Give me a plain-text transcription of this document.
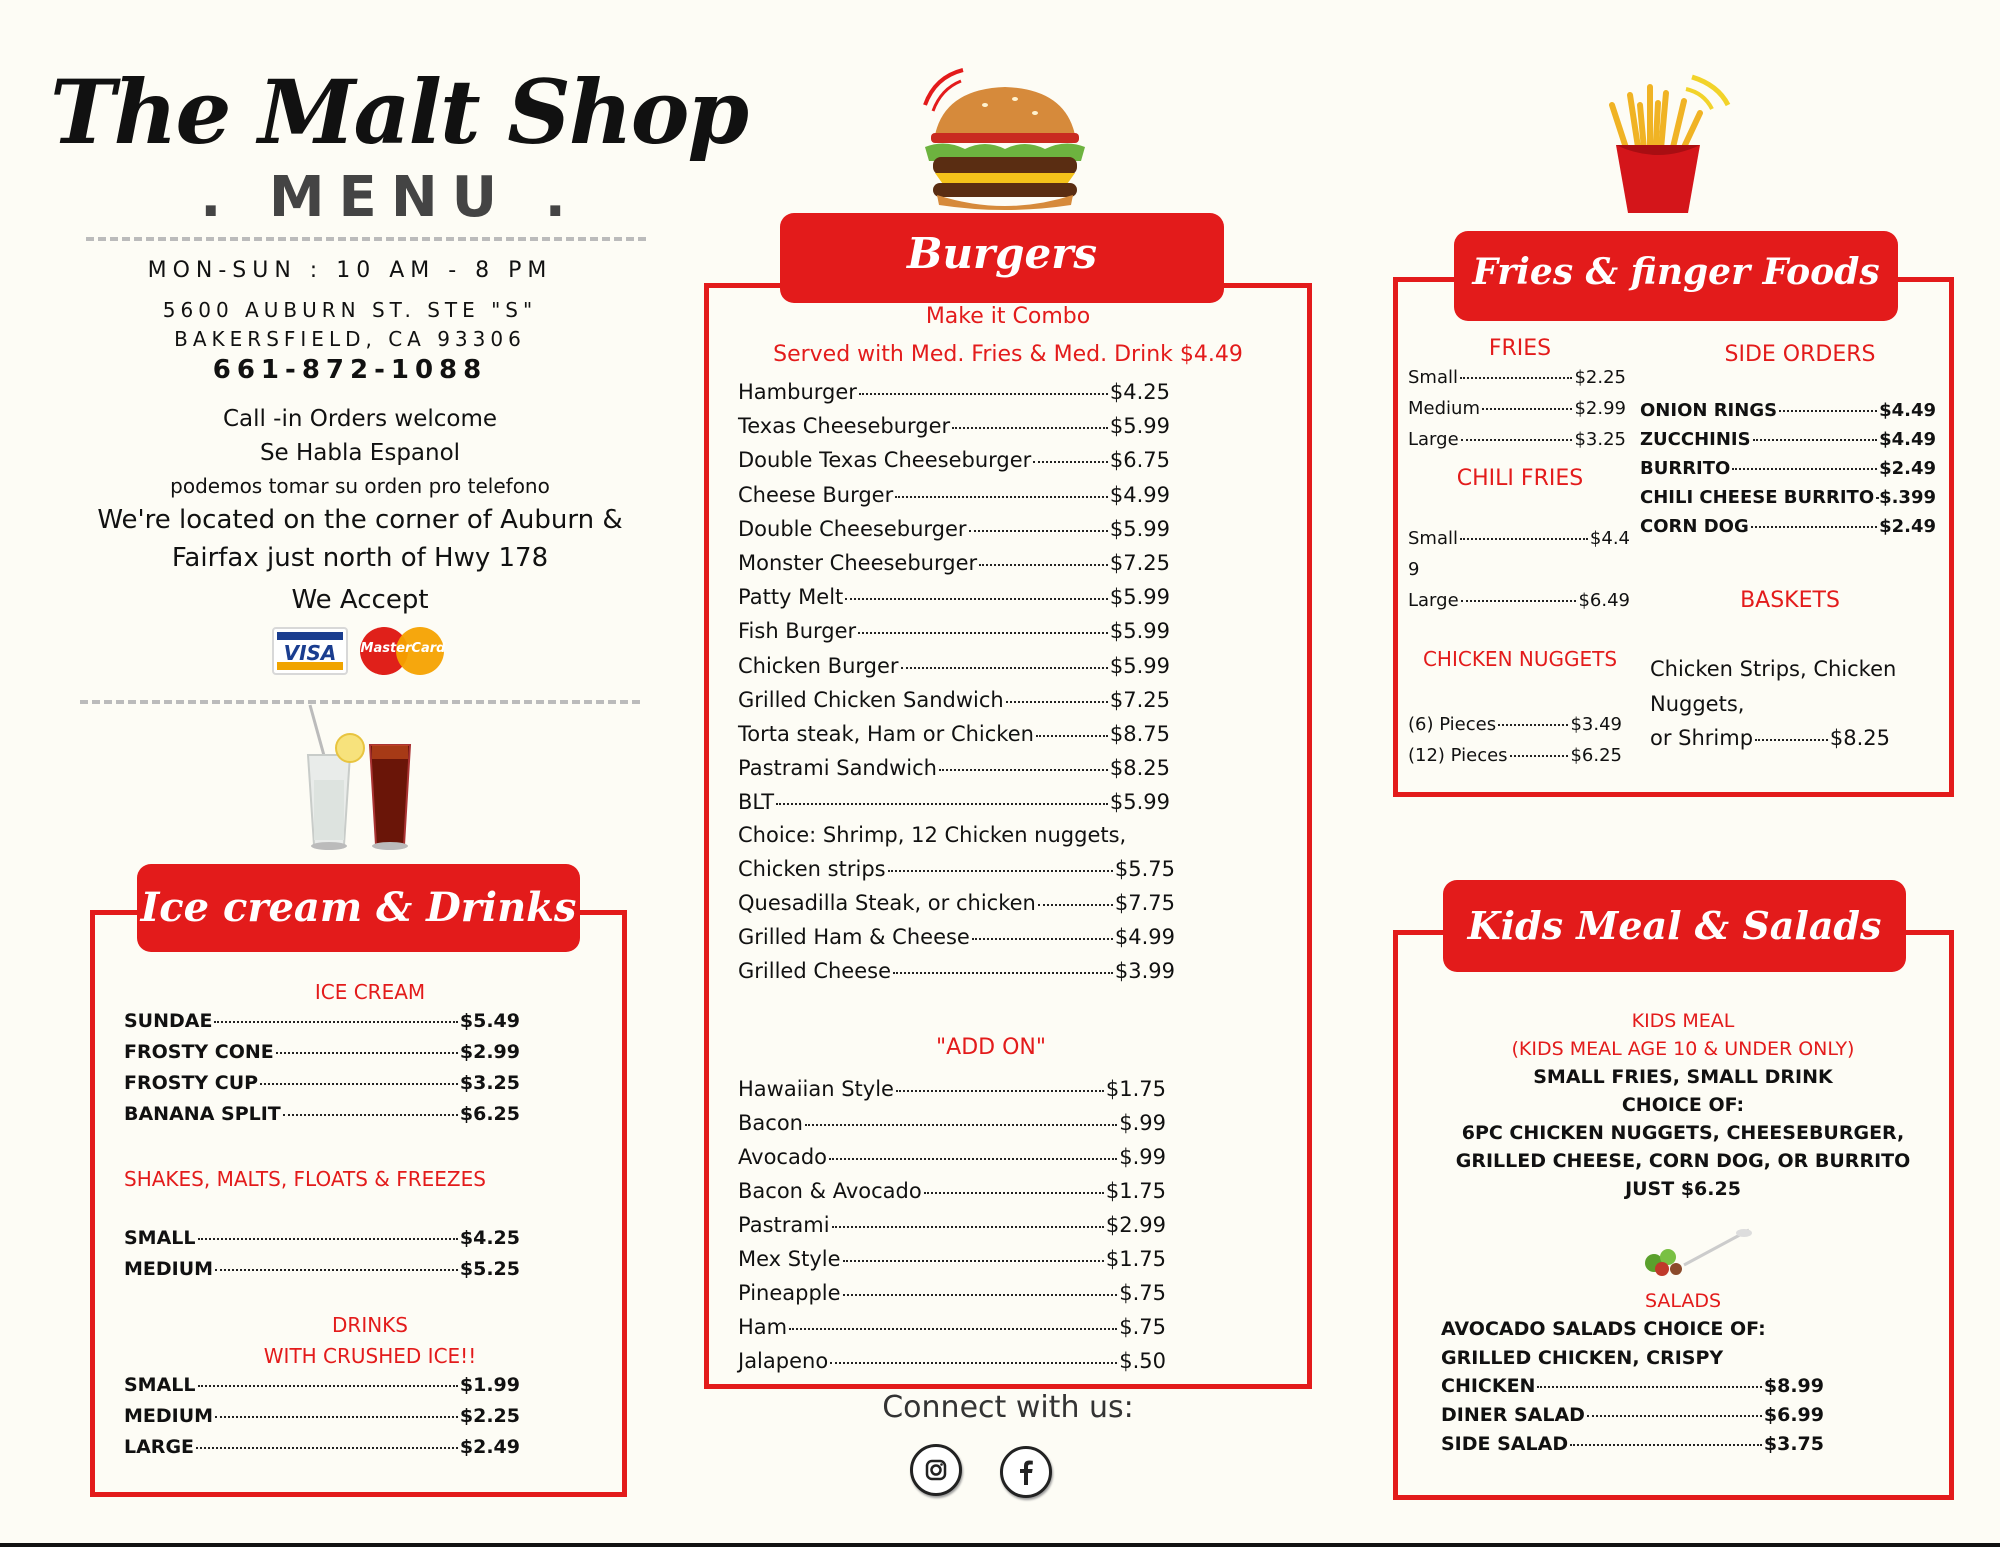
The Malt Shop
. MENU .
MON-SUN : 10 AM - 8 PM
5600 AUBURN ST. STE "S"
BAKERSFIELD, CA 93306
661-872-1088
Call -in Orders welcome
Se Habla Espanol
podemos tomar su orden pro telefono
We're located on the corner of Auburn &
Fairfax just north of Hwy 178
We Accept
VISA	MasterCard
Ice cream & Drinks
ICE CREAM
SUNDAE	$5.49
FROSTY CONE	$2.99
FROSTY CUP	$3.25
BANANA SPLIT	$6.25
SHAKES, MALTS, FLOATS & FREEZES
SMALL	$4.25
MEDIUM	$5.25
DRINKS
WITH CRUSHED ICE!!
SMALL	$1.99
MEDIUM	$2.25
LARGE	$2.49
Burgers
Make it Combo
Served with Med. Fries & Med. Drink $4.49
Hamburger	$4.25
Texas Cheeseburger	$5.99
Double Texas Cheeseburger	$6.75
Cheese Burger	$4.99
Double Cheeseburger	$5.99
Monster Cheeseburger	$7.25
Patty Melt	$5.99
Fish Burger	$5.99
Chicken Burger	$5.99
Grilled Chicken Sandwich	$7.25
Torta steak, Ham or Chicken	$8.75
Pastrami Sandwich	$8.25
BLT	$5.99
Choice: Shrimp, 12 Chicken nuggets,
Chicken strips	$5.75
Quesadilla Steak, or chicken	$7.75
Grilled Ham & Cheese	$4.99
Grilled Cheese	$3.99
"ADD ON"
Hawaiian Style	$1.75
Bacon	$.99
Avocado	$.99
Bacon & Avocado	$1.75
Pastrami	$2.99
Mex Style	$1.75
Pineapple	$.75
Ham	$.75
Jalapeno	$.50
Connect with us:
Fries & finger Foods
FRIES
Small	$2.25
Medium	$2.99
Large	$3.25
CHILI FRIES
Small	$4.4
9
Large	$6.49
CHICKEN NUGGETS
(6) Pieces	$3.49
(12) Pieces	$6.25
SIDE ORDERS
ONION RINGS	$4.49
ZUCCHINIS	$4.49
BURRITO	$2.49
CHILI CHEESE BURRITO $.399
CORN DOG	$2.49
BASKETS
Chicken Strips, Chicken
Nuggets,
or Shrimp	$8.25
Kids Meal & Salads
KIDS MEAL
(KIDS MEAL AGE 10 & UNDER ONLY)
SMALL FRIES, SMALL DRINK
CHOICE OF:
6PC CHICKEN NUGGETS, CHEESEBURGER,
GRILLED CHEESE, CORN DOG, OR BURRITO
JUST $6.25
SALADS
AVOCADO SALADS CHOICE OF:
GRILLED CHICKEN, CRISPY
CHICKEN	$8.99
DINER SALAD	$6.99
SIDE SALAD	$3.75
